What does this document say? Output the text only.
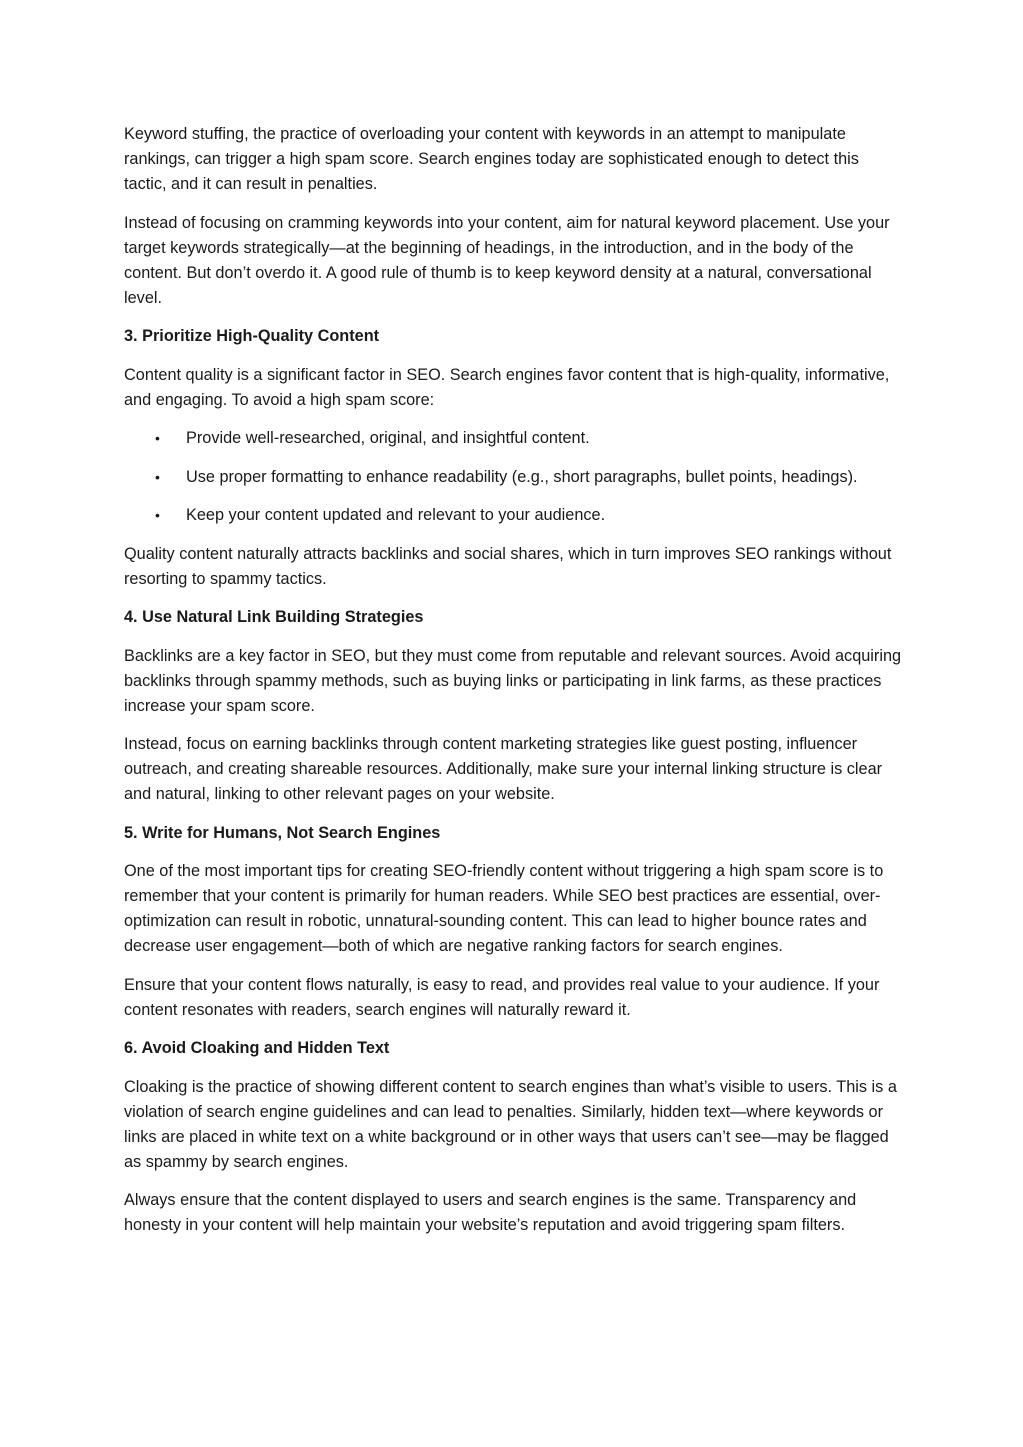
Keyword stuffing, the practice of overloading your content with keywords in an attempt to manipulate rankings, can trigger a high spam score. Search engines today are sophisticated enough to detect this tactic, and it can result in penalties.

Instead of focusing on cramming keywords into your content, aim for natural keyword placement. Use your target keywords strategically—at the beginning of headings, in the introduction, and in the body of the content. But don’t overdo it. A good rule of thumb is to keep keyword density at a natural, conversational level.

3. Prioritize High-Quality Content

Content quality is a significant factor in SEO. Search engines favor content that is high-quality, informative, and engaging. To avoid a high spam score:

• Provide well-researched, original, and insightful content.
• Use proper formatting to enhance readability (e.g., short paragraphs, bullet points, headings).
• Keep your content updated and relevant to your audience.

Quality content naturally attracts backlinks and social shares, which in turn improves SEO rankings without resorting to spammy tactics.

4. Use Natural Link Building Strategies

Backlinks are a key factor in SEO, but they must come from reputable and relevant sources. Avoid acquiring backlinks through spammy methods, such as buying links or participating in link farms, as these practices increase your spam score.

Instead, focus on earning backlinks through content marketing strategies like guest posting, influencer outreach, and creating shareable resources. Additionally, make sure your internal linking structure is clear and natural, linking to other relevant pages on your website.

5. Write for Humans, Not Search Engines

One of the most important tips for creating SEO-friendly content without triggering a high spam score is to remember that your content is primarily for human readers. While SEO best practices are essential, over-optimization can result in robotic, unnatural-sounding content. This can lead to higher bounce rates and decrease user engagement—both of which are negative ranking factors for search engines.

Ensure that your content flows naturally, is easy to read, and provides real value to your audience. If your content resonates with readers, search engines will naturally reward it.

6. Avoid Cloaking and Hidden Text

Cloaking is the practice of showing different content to search engines than what’s visible to users. This is a violation of search engine guidelines and can lead to penalties. Similarly, hidden text—where keywords or links are placed in white text on a white background or in other ways that users can’t see—may be flagged as spammy by search engines.

Always ensure that the content displayed to users and search engines is the same. Transparency and honesty in your content will help maintain your website’s reputation and avoid triggering spam filters.
